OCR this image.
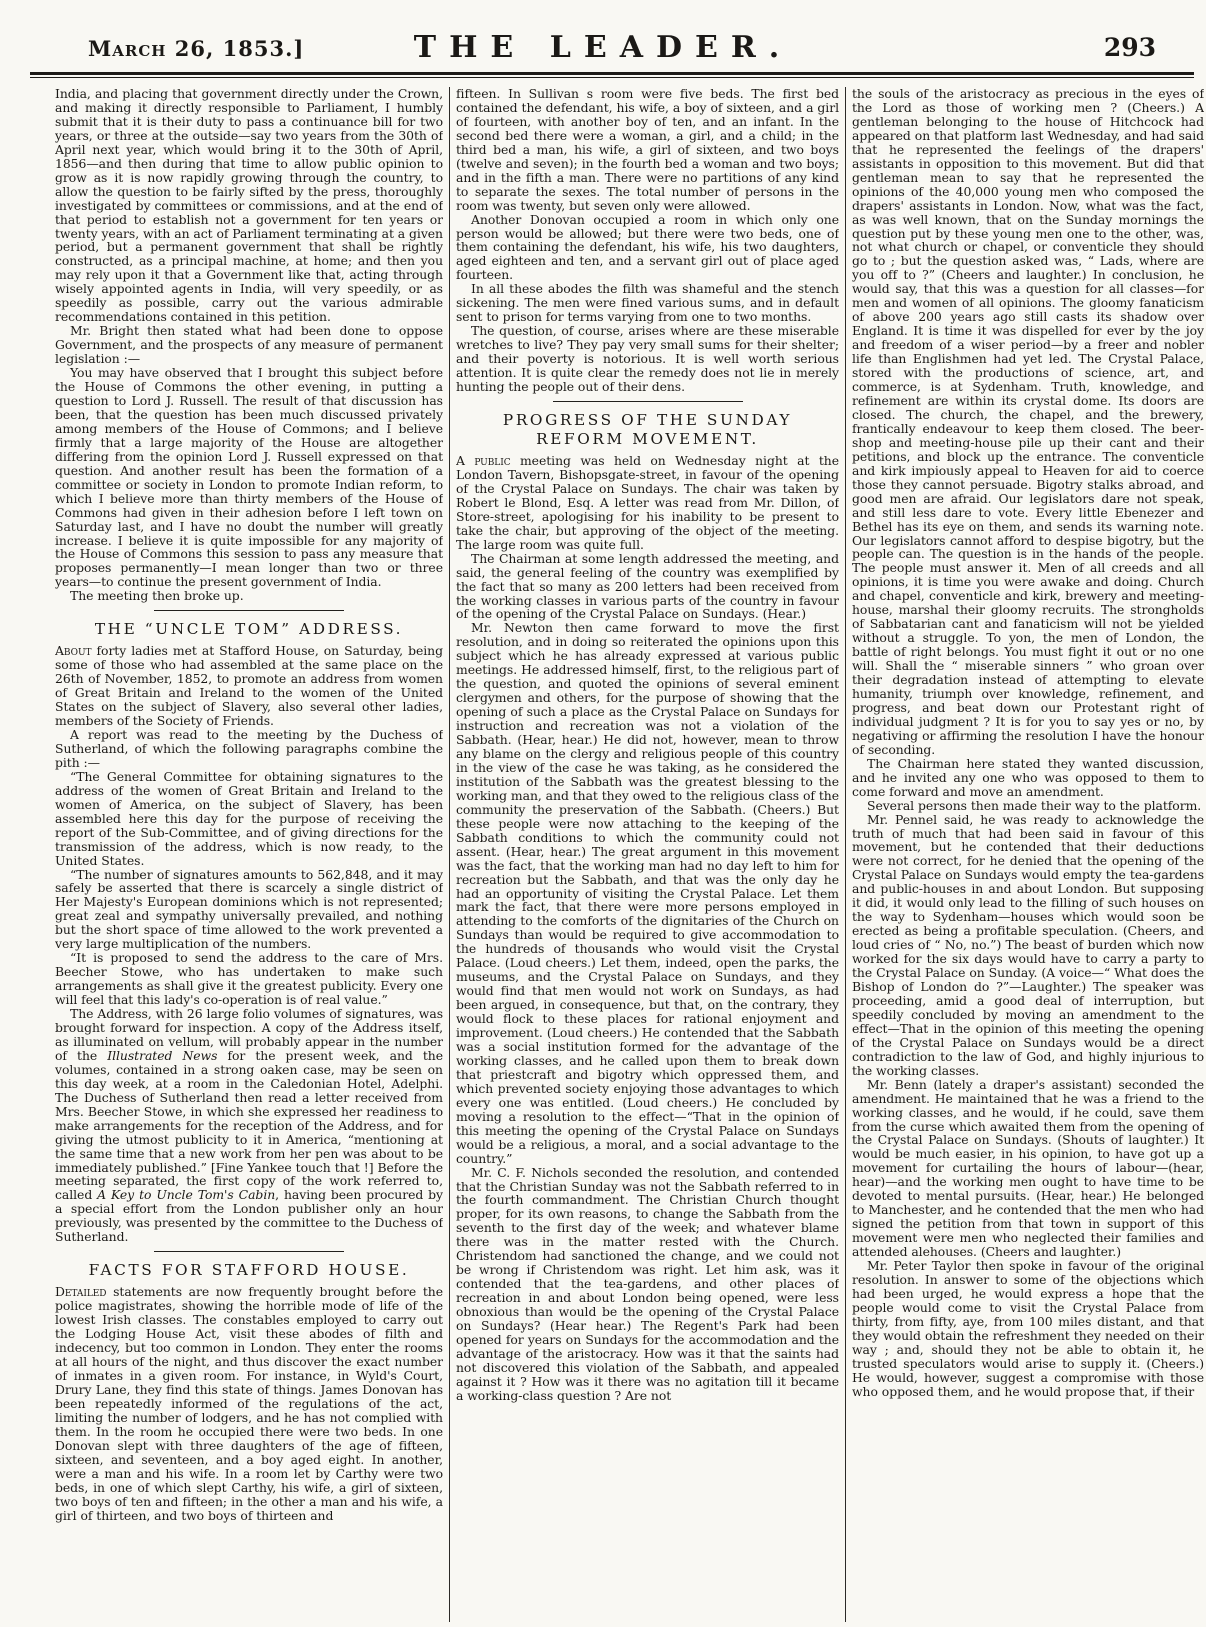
March 26, 1853.]	THE LEADER.	293

India, and placing that government directly under the Crown, and making it directly responsible to Parliament, I humbly submit that it is their duty to pass a continuance bill for two years, or three at the outside—say two years from the 30th of April next year, which would bring it to the 30th of April, 1856—and then during that time to allow public opinion to grow as it is now rapidly growing through the country, to allow the question to be fairly sifted by the press, thoroughly investigated by committees or commissions, and at the end of that period to establish not a government for ten years or twenty years, with an act of Parliament terminating at a given period, but a permanent government that shall be rightly constructed, as a principal machine, at home; and then you may rely upon it that a Government like that, acting through wisely appointed agents in India, will very speedily, or as speedily as possible, carry out the various admirable recommendations contained in this petition.

Mr. Bright then stated what had been done to oppose Government, and the prospects of any measure of permanent legislation :—

You may have observed that I brought this subject before the House of Commons the other evening, in putting a question to Lord J. Russell. The result of that discussion has been, that the question has been much discussed privately among members of the House of Commons; and I believe firmly that a large majority of the House are altogether differing from the opinion Lord J. Russell expressed on that question. And another result has been the formation of a committee or society in London to promote Indian reform, to which I believe more than thirty members of the House of Commons had given in their adhesion before I left town on Saturday last, and I have no doubt the number will greatly increase. I believe it is quite impossible for any majority of the House of Commons this session to pass any measure that proposes permanently—I mean longer than two or three years—to continue the present government of India.

The meeting then broke up.

THE “UNCLE TOM” ADDRESS.

About forty ladies met at Stafford House, on Saturday, being some of those who had assembled at the same place on the 26th of November, 1852, to promote an address from women of Great Britain and Ireland to the women of the United States on the subject of Slavery, also several other ladies, members of the Society of Friends.

A report was read to the meeting by the Duchess of Sutherland, of which the following paragraphs combine the pith :—

“The General Committee for obtaining signatures to the address of the women of Great Britain and Ireland to the women of America, on the subject of Slavery, has been assembled here this day for the purpose of receiving the report of the Sub-Committee, and of giving directions for the transmission of the address, which is now ready, to the United States.

“The number of signatures amounts to 562,848, and it may safely be asserted that there is scarcely a single district of Her Majesty's European dominions which is not represented; great zeal and sympathy universally prevailed, and nothing but the short space of time allowed to the work prevented a very large multiplication of the numbers.

“It is proposed to send the address to the care of Mrs. Beecher Stowe, who has undertaken to make such arrangements as shall give it the greatest publicity. Every one will feel that this lady's co-operation is of real value.”

The Address, with 26 large folio volumes of signatures, was brought forward for inspection. A copy of the Address itself, as illuminated on vellum, will probably appear in the number of the Illustrated News for the present week, and the volumes, contained in a strong oaken case, may be seen on this day week, at a room in the Caledonian Hotel, Adelphi. The Duchess of Sutherland then read a letter received from Mrs. Beecher Stowe, in which she expressed her readiness to make arrangements for the reception of the Address, and for giving the utmost publicity to it in America, “mentioning at the same time that a new work from her pen was about to be immediately published.” [Fine Yankee touch that !] Before the meeting separated, the first copy of the work referred to, called A Key to Uncle Tom's Cabin, having been procured by a special effort from the London publisher only an hour previously, was presented by the committee to the Duchess of Sutherland.

FACTS FOR STAFFORD HOUSE.

Detailed statements are now frequently brought before the police magistrates, showing the horrible mode of life of the lowest Irish classes. The constables employed to carry out the Lodging House Act, visit these abodes of filth and indecency, but too common in London. They enter the rooms at all hours of the night, and thus discover the exact number of inmates in a given room. For instance, in Wyld's Court, Drury Lane, they find this state of things. James Donovan has been repeatedly informed of the regulations of the act, limiting the number of lodgers, and he has not complied with them. In the room he occupied there were two beds. In one Donovan slept with three daughters of the age of fifteen, sixteen, and seventeen, and a boy aged eight. In another, were a man and his wife. In a room let by Carthy were two beds, in one of which slept Carthy, his wife, a girl of sixteen, two boys of ten and fifteen; in the other a man and his wife, a girl of thirteen, and two boys of thirteen and

fifteen. In Sullivan s room were five beds. The first bed contained the defendant, his wife, a boy of sixteen, and a girl of fourteen, with another boy of ten, and an infant. In the second bed there were a woman, a girl, and a child; in the third bed a man, his wife, a girl of sixteen, and two boys (twelve and seven); in the fourth bed a woman and two boys; and in the fifth a man. There were no partitions of any kind to separate the sexes. The total number of persons in the room was twenty, but seven only were allowed.

Another Donovan occupied a room in which only one person would be allowed; but there were two beds, one of them containing the defendant, his wife, his two daughters, aged eighteen and ten, and a servant girl out of place aged fourteen.

In all these abodes the filth was shameful and the stench sickening. The men were fined various sums, and in default sent to prison for terms varying from one to two months.

The question, of course, arises where are these miserable wretches to live? They pay very small sums for their shelter; and their poverty is notorious. It is well worth serious attention. It is quite clear the remedy does not lie in merely hunting the people out of their dens.

PROGRESS OF THE SUNDAY REFORM MOVEMENT.

A public meeting was held on Wednesday night at the London Tavern, Bishopsgate-street, in favour of the opening of the Crystal Palace on Sundays. The chair was taken by Robert le Blond, Esq. A letter was read from Mr. Dillon, of Store-street, apologising for his inability to be present to take the chair, but approving of the object of the meeting. The large room was quite full.

The Chairman at some length addressed the meeting, and said, the general feeling of the country was exemplified by the fact that so many as 200 letters had been received from the working classes in various parts of the country in favour of the opening of the Crystal Palace on Sundays. (Hear.)

Mr. Newton then came forward to move the first resolution, and in doing so reiterated the opinions upon this subject which he has already expressed at various public meetings. He addressed himself, first, to the religious part of the question, and quoted the opinions of several eminent clergymen and others, for the purpose of showing that the opening of such a place as the Crystal Palace on Sundays for instruction and recreation was not a violation of the Sabbath. (Hear, hear.) He did not, however, mean to throw any blame on the clergy and religious people of this country in the view of the case he was taking, as he considered the institution of the Sabbath was the greatest blessing to the working man, and that they owed to the religious class of the community the preservation of the Sabbath. (Cheers.) But these people were now attaching to the keeping of the Sabbath conditions to which the community could not assent. (Hear, hear.) The great argument in this movement was the fact, that the working man had no day left to him for recreation but the Sabbath, and that was the only day he had an opportunity of visiting the Crystal Palace. Let them mark the fact, that there were more persons employed in attending to the comforts of the dignitaries of the Church on Sundays than would be required to give accommodation to the hundreds of thousands who would visit the Crystal Palace. (Loud cheers.) Let them, indeed, open the parks, the museums, and the Crystal Palace on Sundays, and they would find that men would not work on Sundays, as had been argued, in consequence, but that, on the contrary, they would flock to these places for rational enjoyment and improvement. (Loud cheers.) He contended that the Sabbath was a social institution formed for the advantage of the working classes, and he called upon them to break down that priestcraft and bigotry which oppressed them, and which prevented society enjoying those advantages to which every one was entitled. (Loud cheers.) He concluded by moving a resolution to the effect—“That in the opinion of this meeting the opening of the Crystal Palace on Sundays would be a religious, a moral, and a social advantage to the country.”

Mr. C. F. Nichols seconded the resolution, and contended that the Christian Sunday was not the Sabbath referred to in the fourth commandment. The Christian Church thought proper, for its own reasons, to change the Sabbath from the seventh to the first day of the week; and whatever blame there was in the matter rested with the Church. Christendom had sanctioned the change, and we could not be wrong if Christendom was right. Let him ask, was it contended that the tea-gardens, and other places of recreation in and about London being opened, were less obnoxious than would be the opening of the Crystal Palace on Sundays? (Hear hear.) The Regent's Park had been opened for years on Sundays for the accommodation and the advantage of the aristocracy. How was it that the saints had not discovered this violation of the Sabbath, and appealed against it ? How was it there was no agitation till it became a working-class question ? Are not

the souls of the aristocracy as precious in the eyes of the Lord as those of working men ? (Cheers.) A gentleman belonging to the house of Hitchcock had appeared on that platform last Wednesday, and had said that he represented the feelings of the drapers' assistants in opposition to this movement. But did that gentleman mean to say that he represented the opinions of the 40,000 young men who composed the drapers' assistants in London. Now, what was the fact, as was well known, that on the Sunday mornings the question put by these young men one to the other, was, not what church or chapel, or conventicle they should go to ; but the question asked was, “ Lads, where are you off to ?” (Cheers and laughter.) In conclusion, he would say, that this was a question for all classes—for men and women of all opinions. The gloomy fanaticism of above 200 years ago still casts its shadow over England. It is time it was dispelled for ever by the joy and freedom of a wiser period—by a freer and nobler life than Englishmen had yet led. The Crystal Palace, stored with the productions of science, art, and commerce, is at Sydenham. Truth, knowledge, and refinement are within its crystal dome. Its doors are closed. The church, the chapel, and the brewery, frantically endeavour to keep them closed. The beer-shop and meeting-house pile up their cant and their petitions, and block up the entrance. The conventicle and kirk impiously appeal to Heaven for aid to coerce those they cannot persuade. Bigotry stalks abroad, and good men are afraid. Our legislators dare not speak, and still less dare to vote. Every little Ebenezer and Bethel has its eye on them, and sends its warning note. Our legislators cannot afford to despise bigotry, but the people can. The question is in the hands of the people. The people must answer it. Men of all creeds and all opinions, it is time you were awake and doing. Church and chapel, conventicle and kirk, brewery and meeting-house, marshal their gloomy recruits. The strongholds of Sabbatarian cant and fanaticism will not be yielded without a struggle. To yon, the men of London, the battle of right belongs. You must fight it out or no one will. Shall the “ miserable sinners ” who groan over their degradation instead of attempting to elevate humanity, triumph over knowledge, refinement, and progress, and beat down our Protestant right of individual judgment ? It is for you to say yes or no, by negativing or affirming the resolution I have the honour of seconding.

The Chairman here stated they wanted discussion, and he invited any one who was opposed to them to come forward and move an amendment.

Several persons then made their way to the platform.

Mr. Pennel said, he was ready to acknowledge the truth of much that had been said in favour of this movement, but he contended that their deductions were not correct, for he denied that the opening of the Crystal Palace on Sundays would empty the tea-gardens and public-houses in and about London. But supposing it did, it would only lead to the filling of such houses on the way to Sydenham—houses which would soon be erected as being a profitable speculation. (Cheers, and loud cries of “ No, no.”) The beast of burden which now worked for the six days would have to carry a party to the Crystal Palace on Sunday. (A voice—“ What does the Bishop of London do ?”—Laughter.) The speaker was proceeding, amid a good deal of interruption, but speedily concluded by moving an amendment to the effect—That in the opinion of this meeting the opening of the Crystal Palace on Sundays would be a direct contradiction to the law of God, and highly injurious to the working classes.

Mr. Benn (lately a draper's assistant) seconded the amendment. He maintained that he was a friend to the working classes, and he would, if he could, save them from the curse which awaited them from the opening of the Crystal Palace on Sundays. (Shouts of laughter.) It would be much easier, in his opinion, to have got up a movement for curtailing the hours of labour—(hear, hear)—and the working men ought to have time to be devoted to mental pursuits. (Hear, hear.) He belonged to Manchester, and he contended that the men who had signed the petition from that town in support of this movement were men who neglected their families and attended alehouses. (Cheers and laughter.)

Mr. Peter Taylor then spoke in favour of the original resolution. In answer to some of the objections which had been urged, he would express a hope that the people would come to visit the Crystal Palace from thirty, from fifty, aye, from 100 miles distant, and that they would obtain the refreshment they needed on their way ; and, should they not be able to obtain it, he trusted speculators would arise to supply it. (Cheers.) He would, however, suggest a compromise with those who opposed them, and he would propose that, if their
